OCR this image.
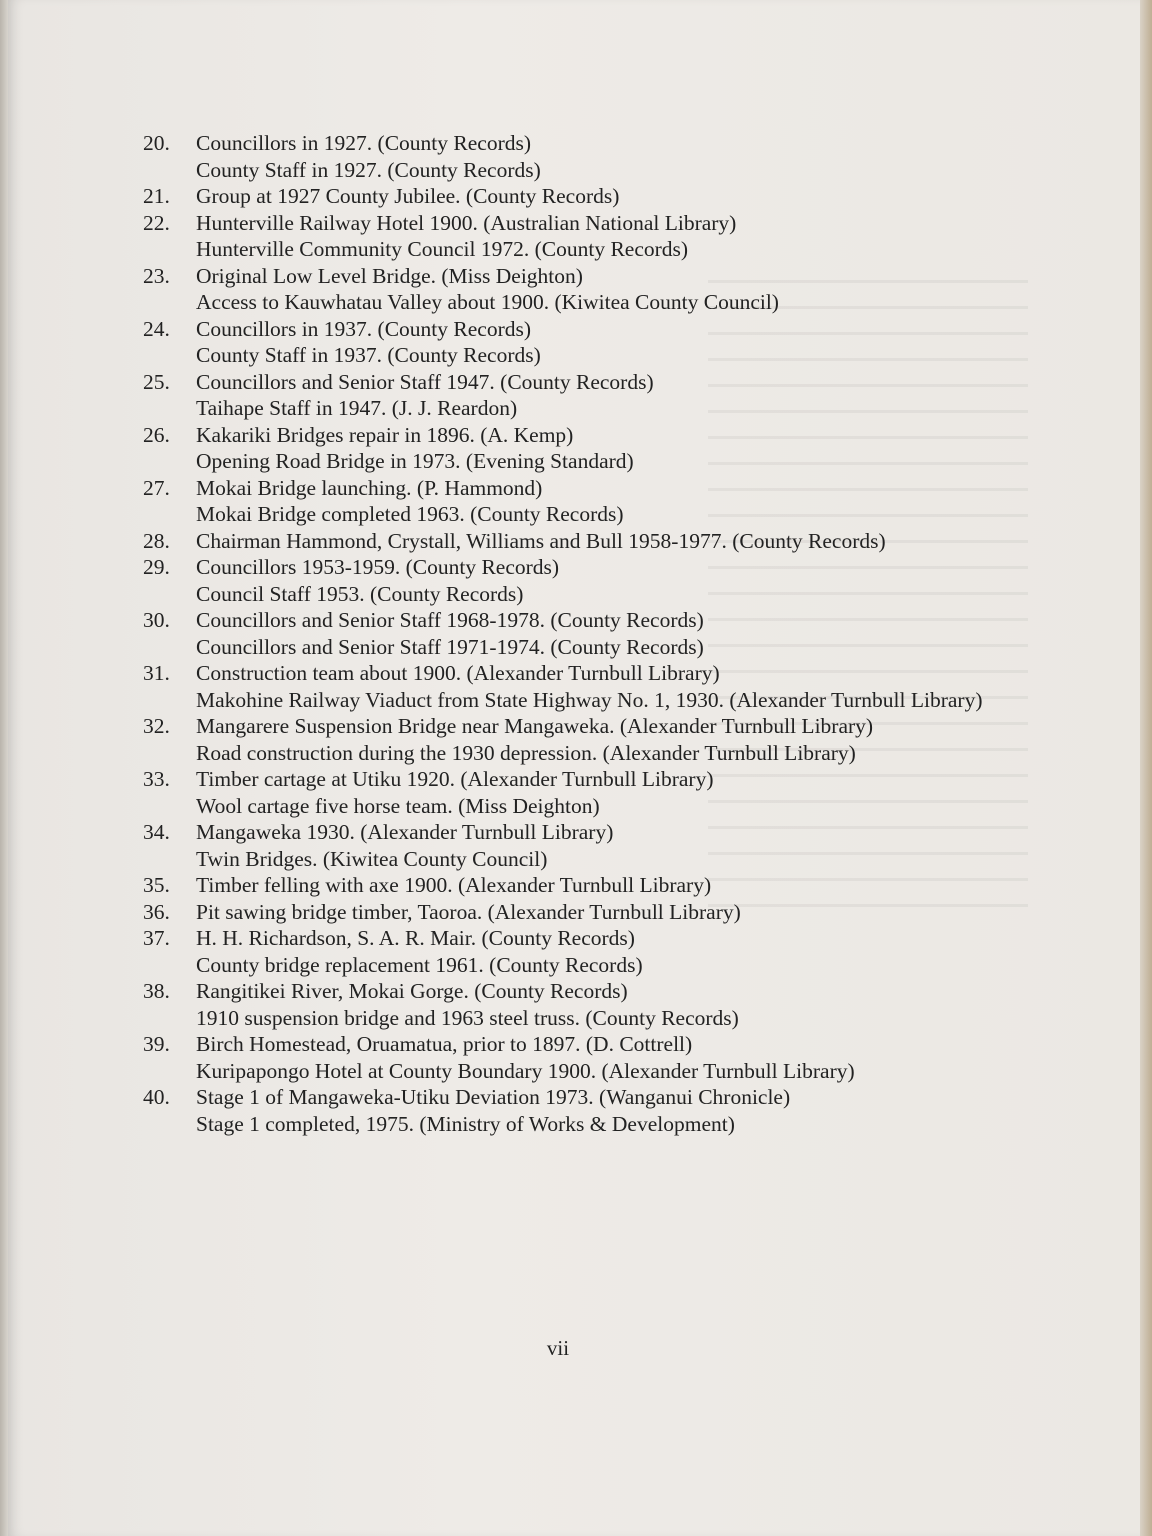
20.	Councillors in 1927. (County Records)
County Staff in 1927. (County Records)
21.	Group at 1927 County Jubilee. (County Records)
22.	Hunterville Railway Hotel 1900. (Australian National Library)
Hunterville Community Council 1972. (County Records)
23.	Original Low Level Bridge. (Miss Deighton)
Access to Kauwhatau Valley about 1900. (Kiwitea County Council)
24.	Councillors in 1937. (County Records)
County Staff in 1937. (County Records)
25.	Councillors and Senior Staff 1947. (County Records)
Taihape Staff in 1947. (J. J. Reardon)
26.	Kakariki Bridges repair in 1896. (A. Kemp)
Opening Road Bridge in 1973. (Evening Standard)
27.	Mokai Bridge launching. (P. Hammond)
Mokai Bridge completed 1963. (County Records)
28.	Chairman Hammond, Crystall, Williams and Bull 1958-1977. (County Records)
29.	Councillors 1953-1959. (County Records)
Council Staff 1953. (County Records)
30.	Councillors and Senior Staff 1968-1978. (County Records)
Councillors and Senior Staff 1971-1974. (County Records)
31.	Construction team about 1900. (Alexander Turnbull Library)
Makohine Railway Viaduct from State Highway No. 1, 1930. (Alexander Turnbull Library)
32.	Mangarere Suspension Bridge near Mangaweka. (Alexander Turnbull Library)
Road construction during the 1930 depression. (Alexander Turnbull Library)
33.	Timber cartage at Utiku 1920. (Alexander Turnbull Library)
Wool cartage five horse team. (Miss Deighton)
34.	Mangaweka 1930. (Alexander Turnbull Library)
Twin Bridges. (Kiwitea County Council)
35.	Timber felling with axe 1900. (Alexander Turnbull Library)
36.	Pit sawing bridge timber, Taoroa. (Alexander Turnbull Library)
37.	H. H. Richardson, S. A. R. Mair. (County Records)
County bridge replacement 1961. (County Records)
38.	Rangitikei River, Mokai Gorge. (County Records)
1910 suspension bridge and 1963 steel truss. (County Records)
39.	Birch Homestead, Oruamatua, prior to 1897. (D. Cottrell)
Kuripapongo Hotel at County Boundary 1900. (Alexander Turnbull Library)
40.	Stage 1 of Mangaweka-Utiku Deviation 1973. (Wanganui Chronicle)
Stage 1 completed, 1975. (Ministry of Works & Development)
vii
